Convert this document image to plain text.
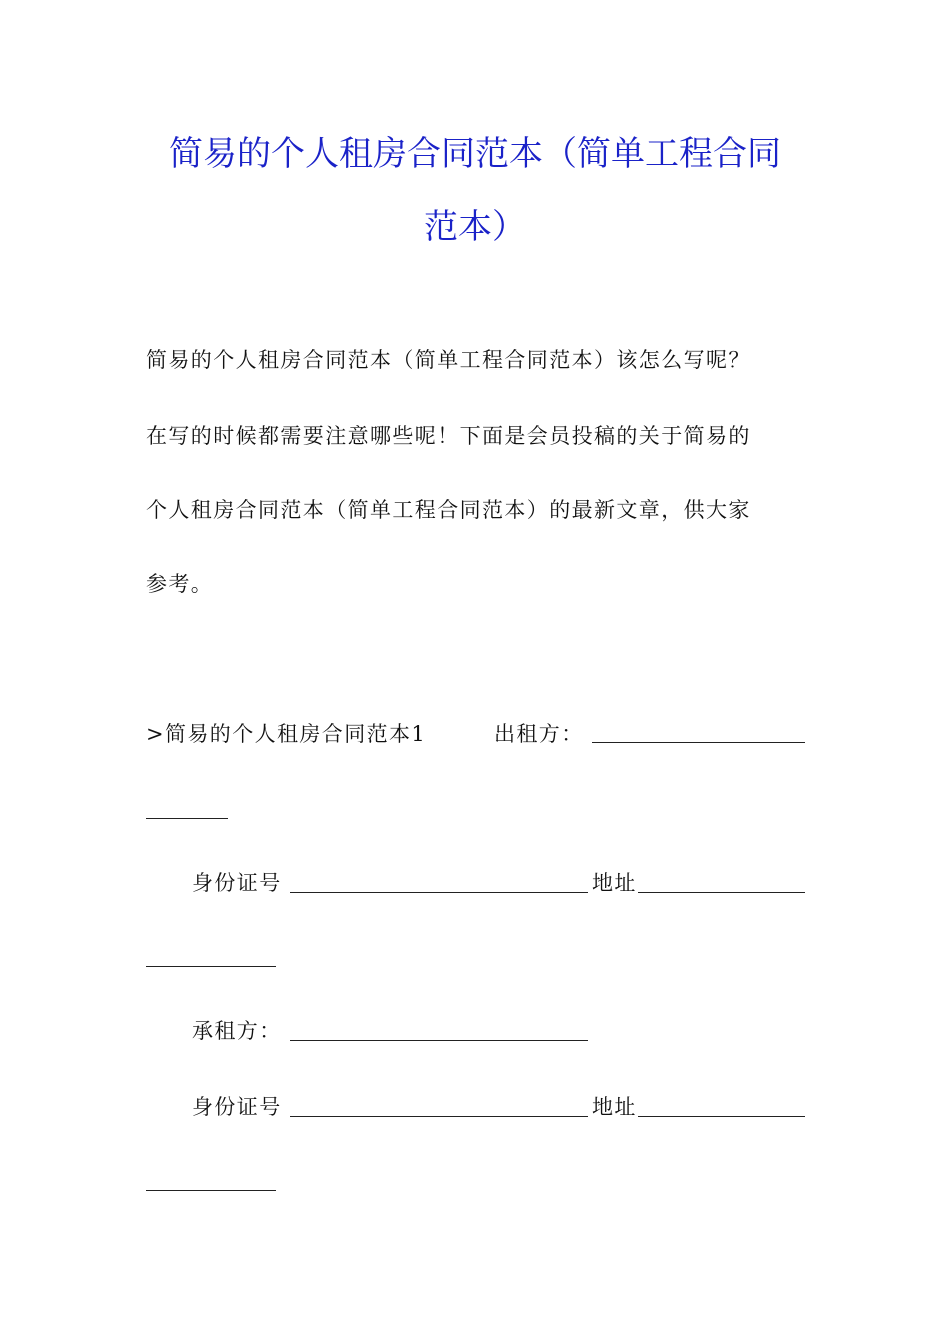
简易的个人租房合同范本（简单工程合同
范本）
简易的个人租房合同范本（简单工程合同范本）该怎么写呢？
在写的时候都需要注意哪些呢！下面是会员投稿的关于简易的
个人租房合同范本（简单工程合同范本）的最新文章，供大家
参考。
>简易的个人租房合同范本1	出租方：
身份证号	地址
承租方：
身份证号	地址
